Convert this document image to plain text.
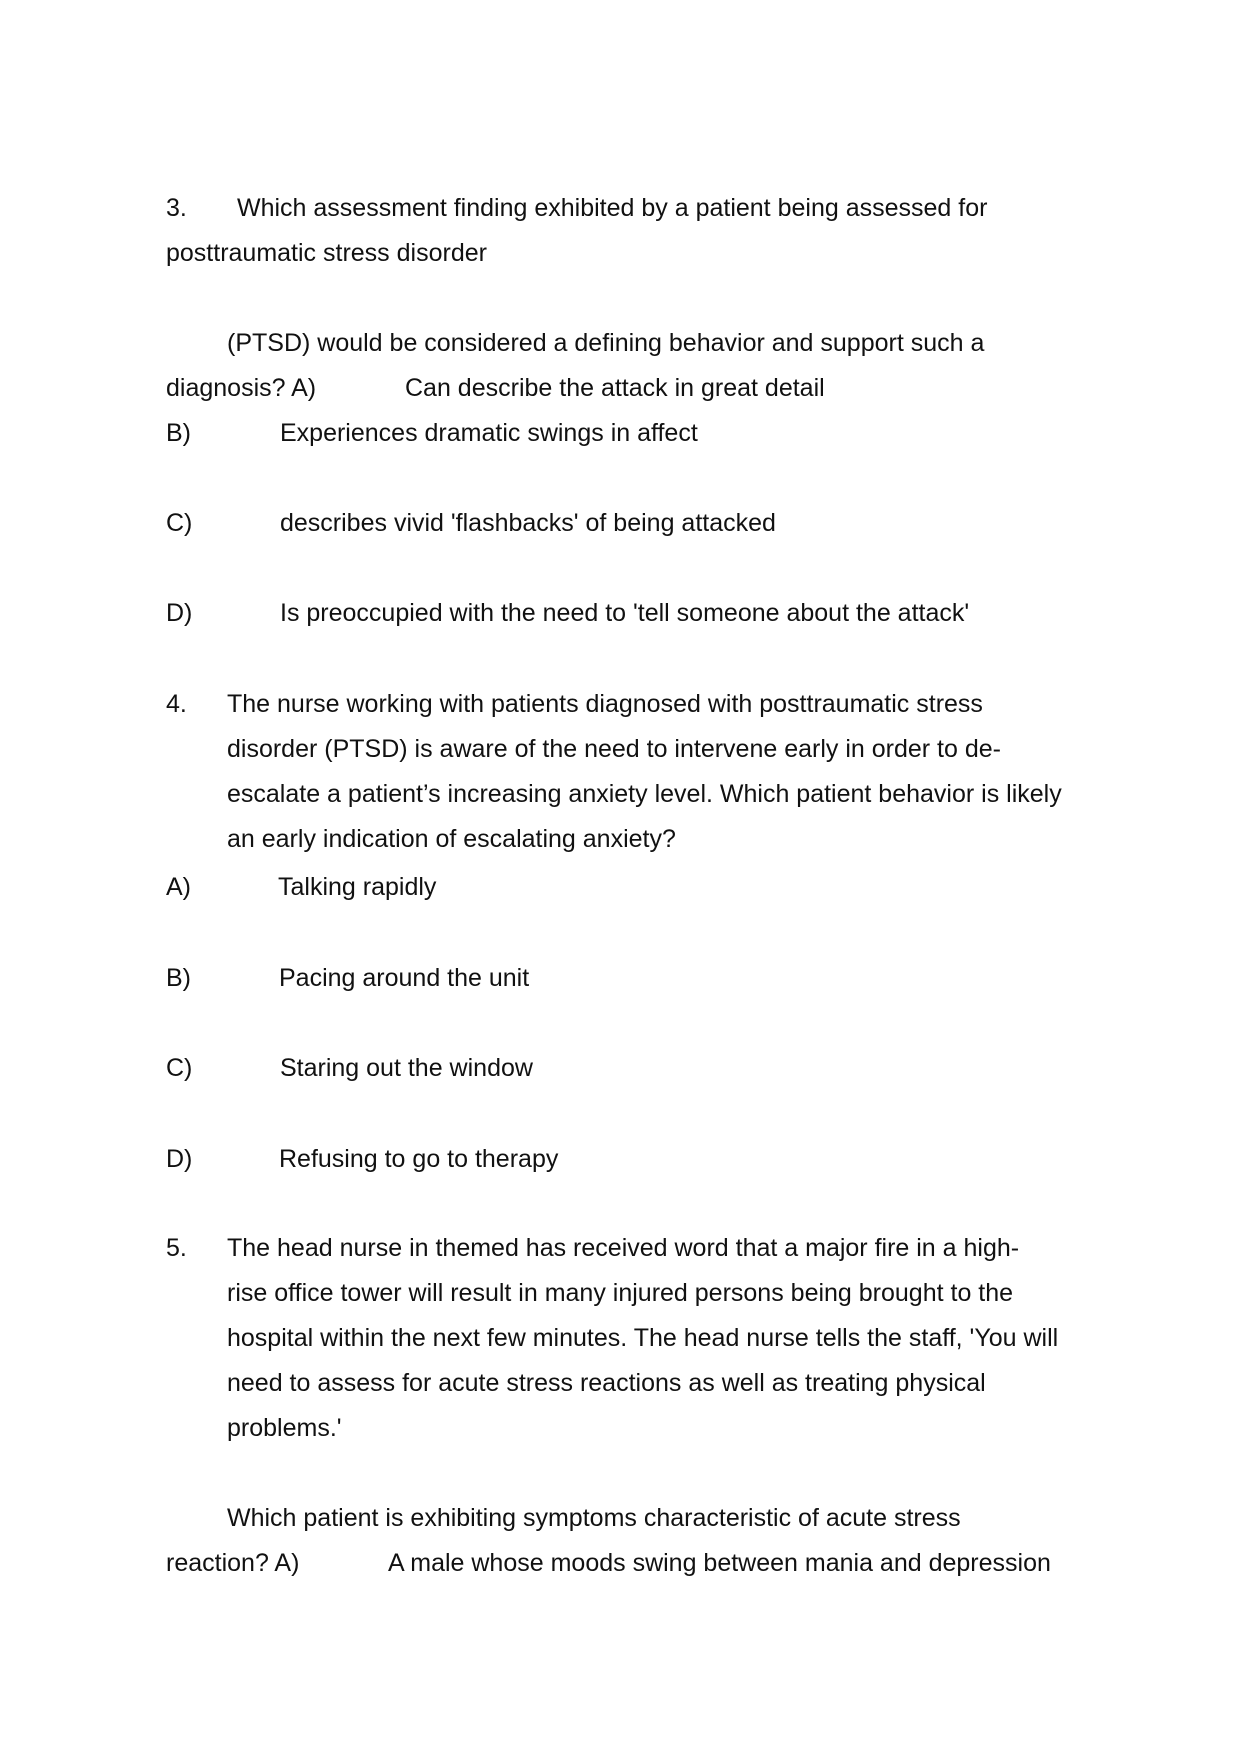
3. Which assessment finding exhibited by a patient being assessed for
posttraumatic stress disorder
(PTSD) would be considered a defining behavior and support such a
diagnosis? A)	Can describe the attack in great detail
B)	Experiences dramatic swings in affect
C)	describes vivid 'flashbacks' of being attacked
D)	Is preoccupied with the need to 'tell someone about the attack'
4. The nurse working with patients diagnosed with posttraumatic stress
disorder (PTSD) is aware of the need to intervene early in order to de-
escalate a patient’s increasing anxiety level. Which patient behavior is likely
an early indication of escalating anxiety?
A)	Talking rapidly
B)	Pacing around the unit
C)	Staring out the window
D)	Refusing to go to therapy
5. The head nurse in themed has received word that a major fire in a high-
rise office tower will result in many injured persons being brought to the
hospital within the next few minutes. The head nurse tells the staff, 'You will
need to assess for acute stress reactions as well as treating physical
problems.'
Which patient is exhibiting symptoms characteristic of acute stress
reaction? A)	A male whose moods swing between mania and depression
